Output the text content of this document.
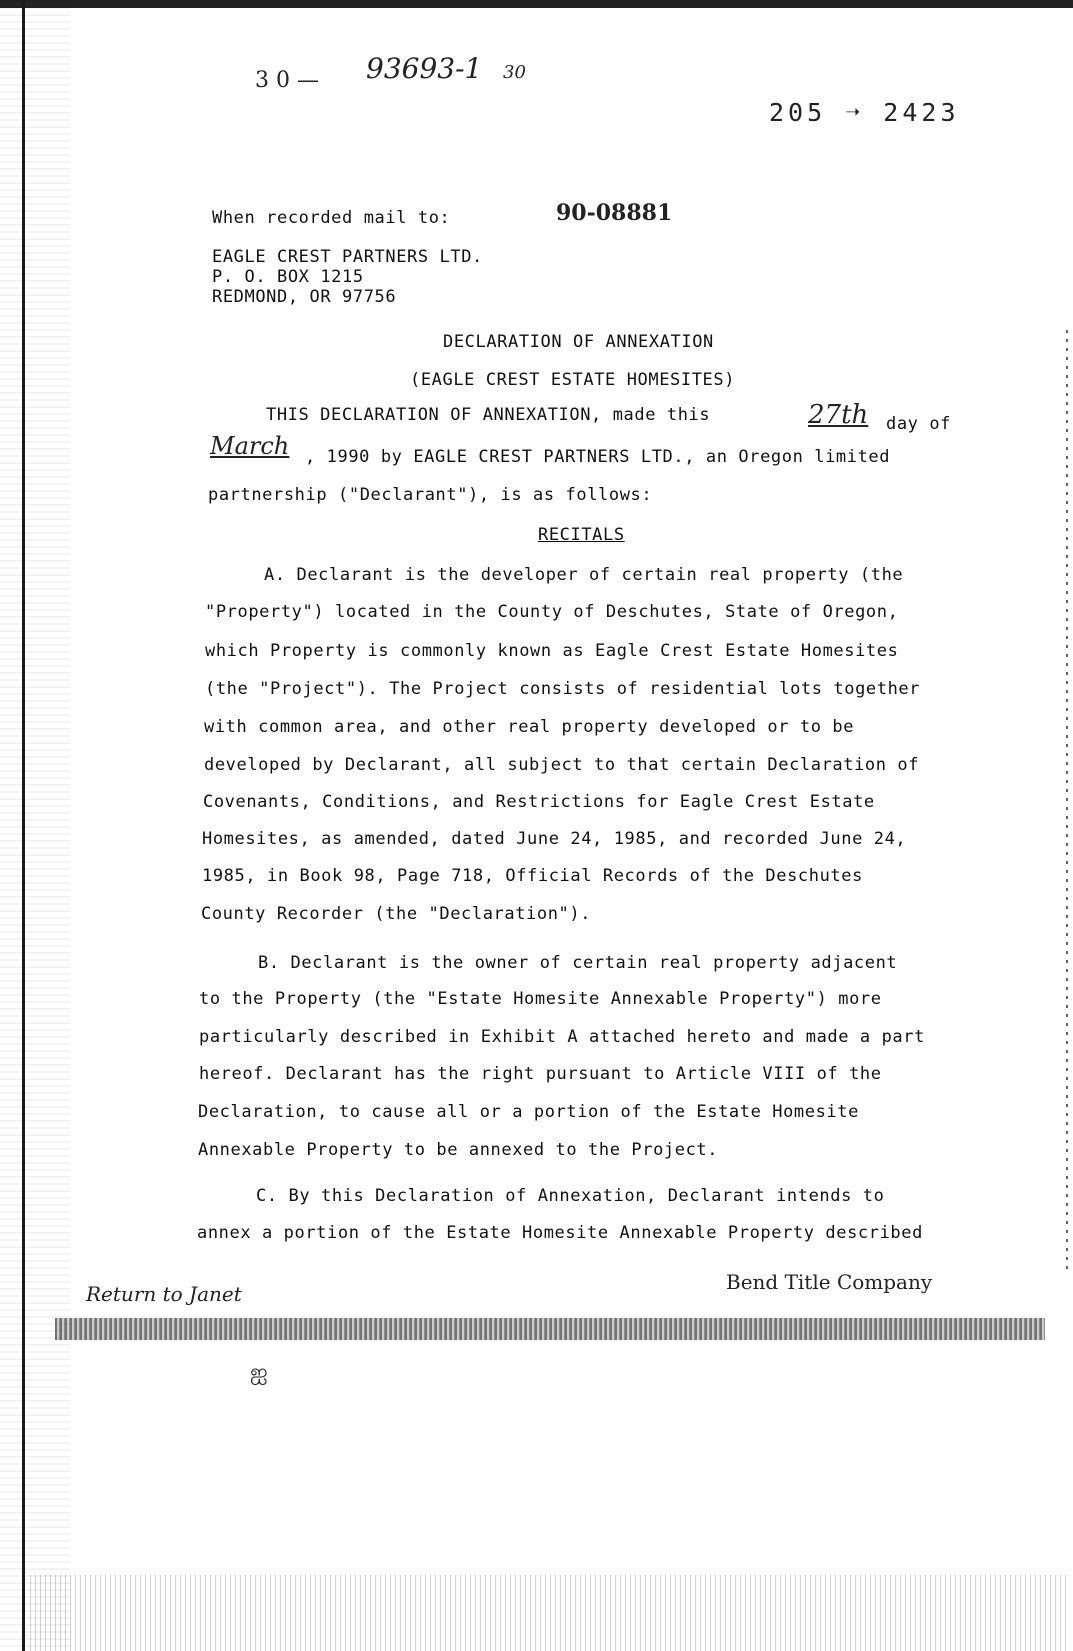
3 0 — 93693-1 30
205 ➝ 2423
When recorded mail to:	90-08881
EAGLE CREST PARTNERS LTD.
P. O. BOX 1215
REDMOND, OR 97756
DECLARATION OF ANNEXATION
(EAGLE CREST ESTATE HOMESITES)
THIS DECLARATION OF ANNEXATION, made this	27th day of
March , 1990 by EAGLE CREST PARTNERS LTD., an Oregon limited
partnership ("Declarant"), is as follows:
RECITALS
A. Declarant is the developer of certain real property (the
"Property") located in the County of Deschutes, State of Oregon,
which Property is commonly known as Eagle Crest Estate Homesites
(the "Project"). The Project consists of residential lots together
with common area, and other real property developed or to be
developed by Declarant, all subject to that certain Declaration of
Covenants, Conditions, and Restrictions for Eagle Crest Estate
Homesites, as amended, dated June 24, 1985, and recorded June 24,
1985, in Book 98, Page 718, Official Records of the Deschutes
County Recorder (the "Declaration").
B. Declarant is the owner of certain real property adjacent
to the Property (the "Estate Homesite Annexable Property") more
particularly described in Exhibit A attached hereto and made a part
hereof. Declarant has the right pursuant to Article VIII of the
Declaration, to cause all or a portion of the Estate Homesite
Annexable Property to be annexed to the Project.
C. By this Declaration of Annexation, Declarant intends to
annex a portion of the Estate Homesite Annexable Property described
Return to Janet	Bend Title Company
ஐ
